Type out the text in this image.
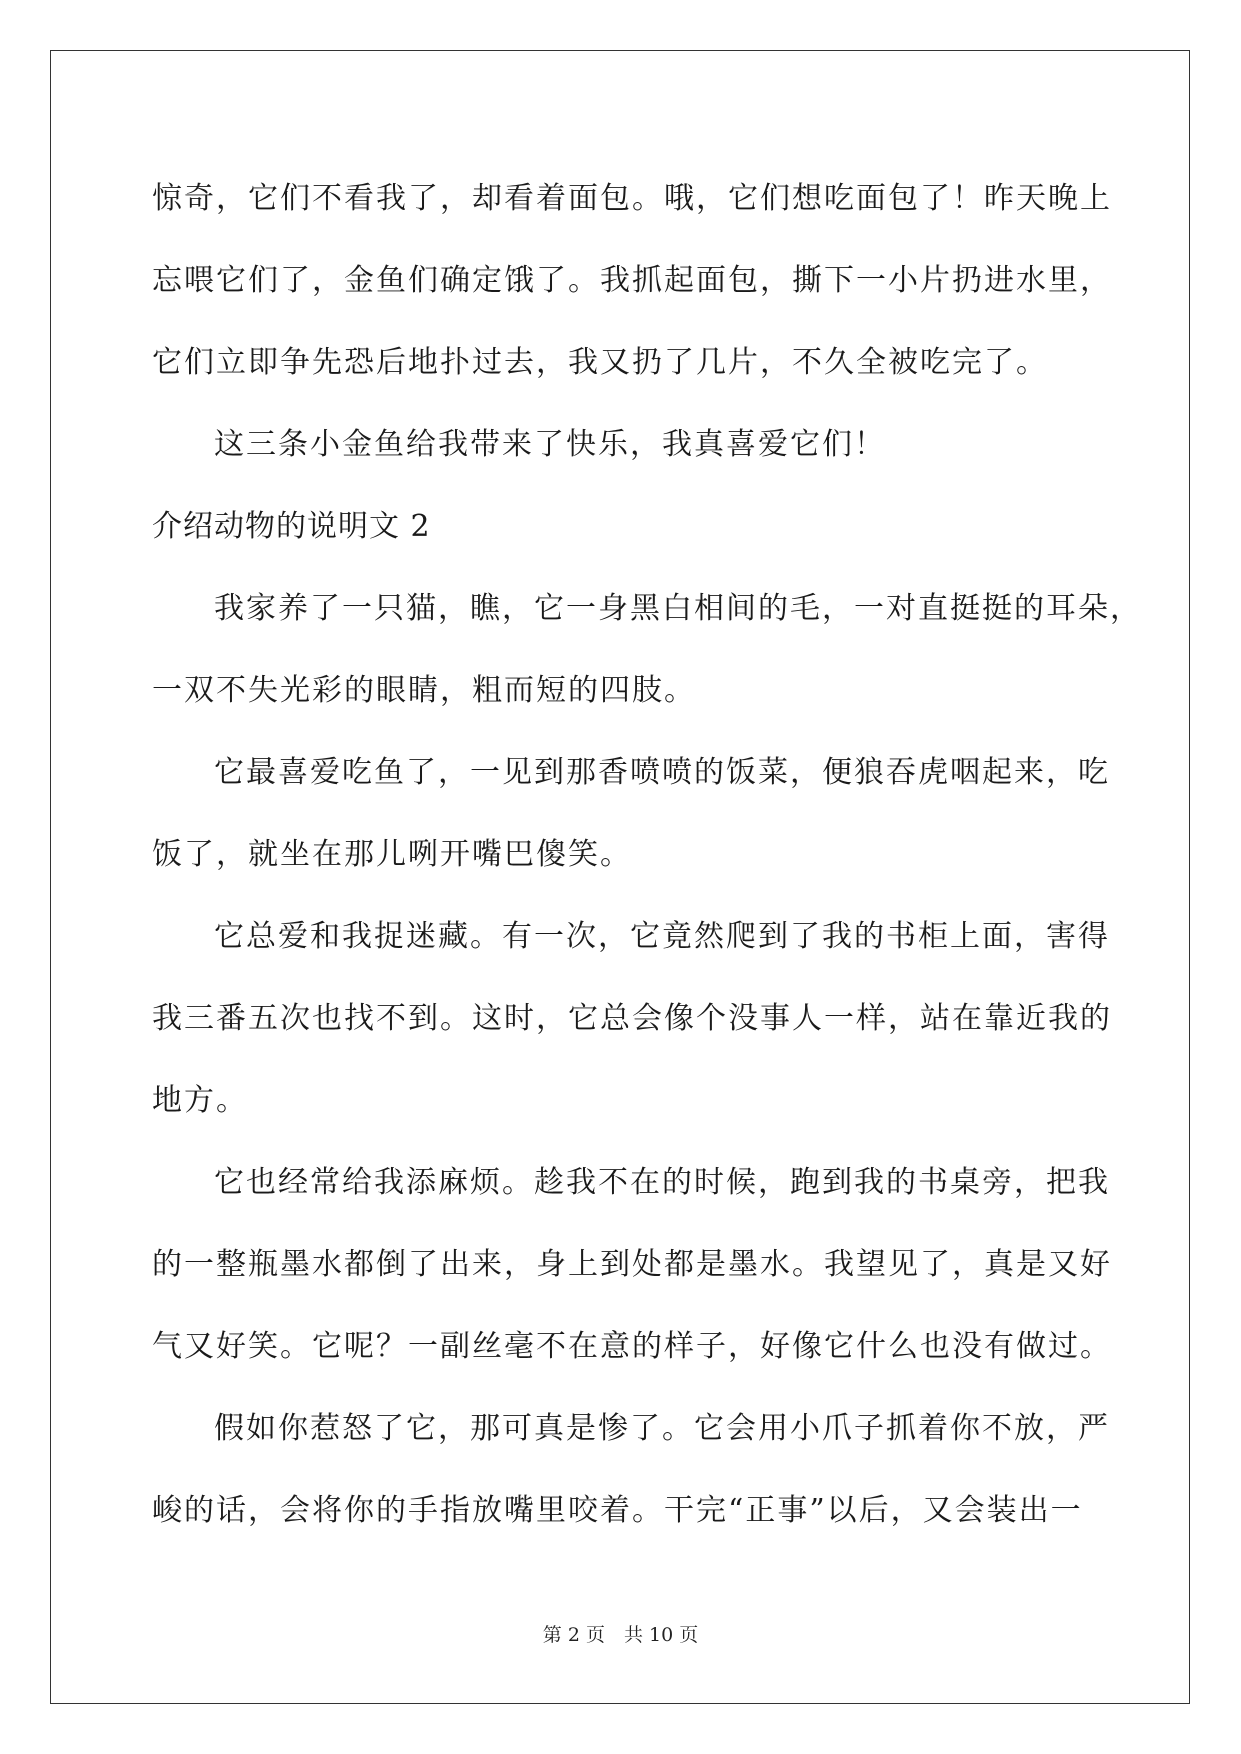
惊奇，它们不看我了，却看着面包。哦，它们想吃面包了！昨天晚上
忘喂它们了，金鱼们确定饿了。我抓起面包，撕下一小片扔进水里，
它们立即争先恐后地扑过去，我又扔了几片，不久全被吃完了。
这三条小金鱼给我带来了快乐，我真喜爱它们！
介绍动物的说明文 2
我家养了一只猫，瞧，它一身黑白相间的毛，一对直挺挺的耳朵，
一双不失光彩的眼睛，粗而短的四肢。
它最喜爱吃鱼了，一见到那香喷喷的饭菜，便狼吞虎咽起来，吃
饭了，就坐在那儿咧开嘴巴傻笑。
它总爱和我捉迷藏。有一次，它竟然爬到了我的书柜上面，害得
我三番五次也找不到。这时，它总会像个没事人一样，站在靠近我的
地方。
它也经常给我添麻烦。趁我不在的时候，跑到我的书桌旁，把我
的一整瓶墨水都倒了出来，身上到处都是墨水。我望见了，真是又好
气又好笑。它呢？一副丝毫不在意的样子，好像它什么也没有做过。
假如你惹怒了它，那可真是惨了。它会用小爪子抓着你不放，严
峻的话，会将你的手指放嘴里咬着。干完“正事”以后，又会装出一
第 2 页　共 10 页
